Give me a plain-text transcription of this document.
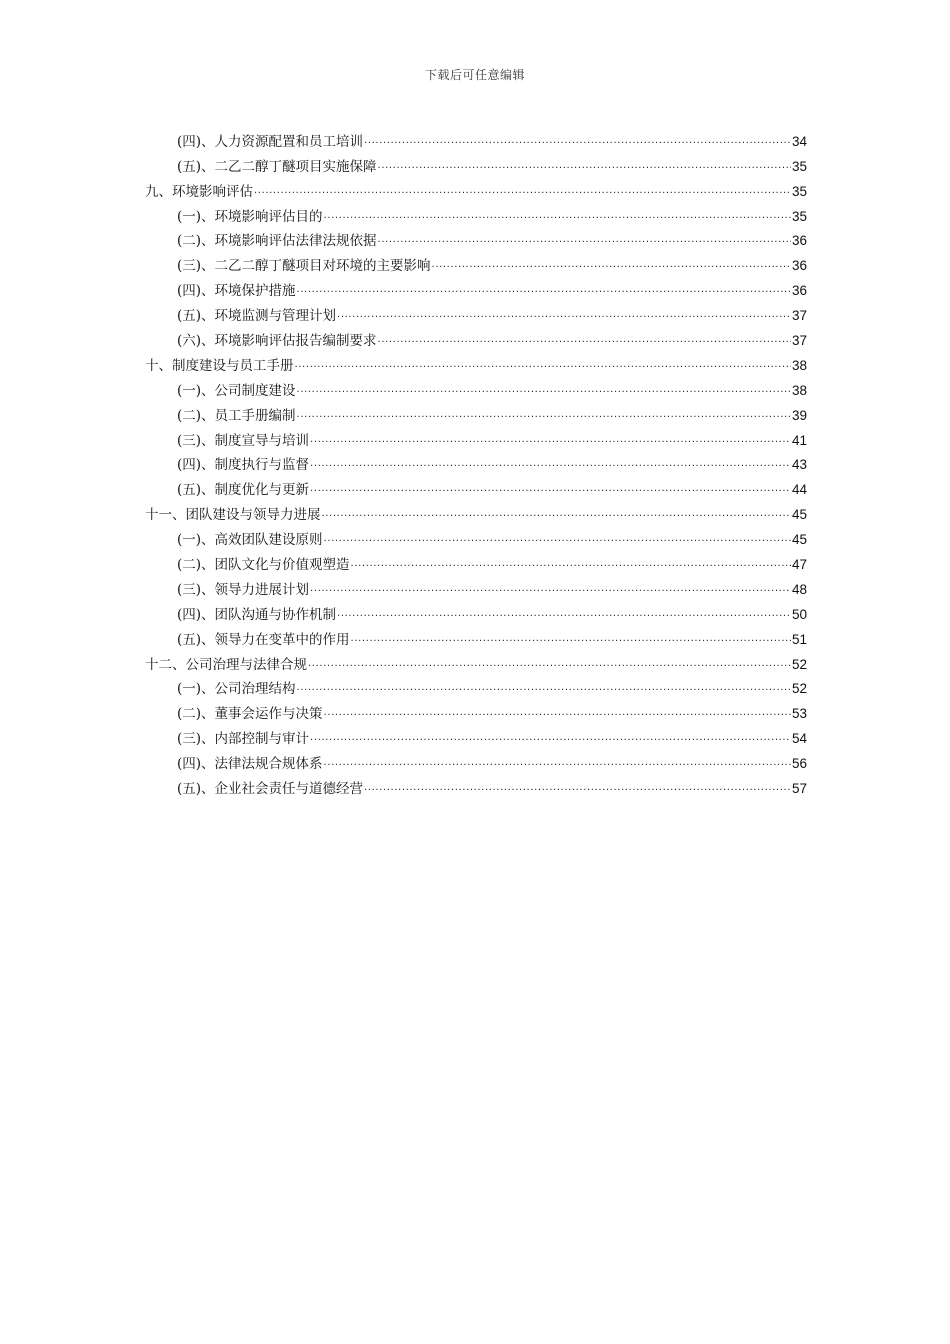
下载后可任意编辑
(四)、人力资源配置和员工培训 .....	34
(五)、二乙二醇丁醚项目实施保障 .....	35
九、环境影响评估 .....	35
(一)、环境影响评估目的 .....	35
(二)、环境影响评估法律法规依据 .....	36
(三)、二乙二醇丁醚项目对环境的主要影响 .....	36
(四)、环境保护措施 .....	36
(五)、环境监测与管理计划 .....	37
(六)、环境影响评估报告编制要求 .....	37
十、制度建设与员工手册 .....	38
(一)、公司制度建设 .....	38
(二)、员工手册编制 .....	39
(三)、制度宣导与培训 .....	41
(四)、制度执行与监督 .....	43
(五)、制度优化与更新 .....	44
十一、团队建设与领导力进展 .....	45
(一)、高效团队建设原则 .....	45
(二)、团队文化与价值观塑造 .....	47
(三)、领导力进展计划 .....	48
(四)、团队沟通与协作机制 .....	50
(五)、领导力在变革中的作用 .....	51
十二、公司治理与法律合规 .....	52
(一)、公司治理结构 .....	52
(二)、董事会运作与决策 .....	53
(三)、内部控制与审计 .....	54
(四)、法律法规合规体系 .....	56
(五)、企业社会责任与道德经营 .....	57
